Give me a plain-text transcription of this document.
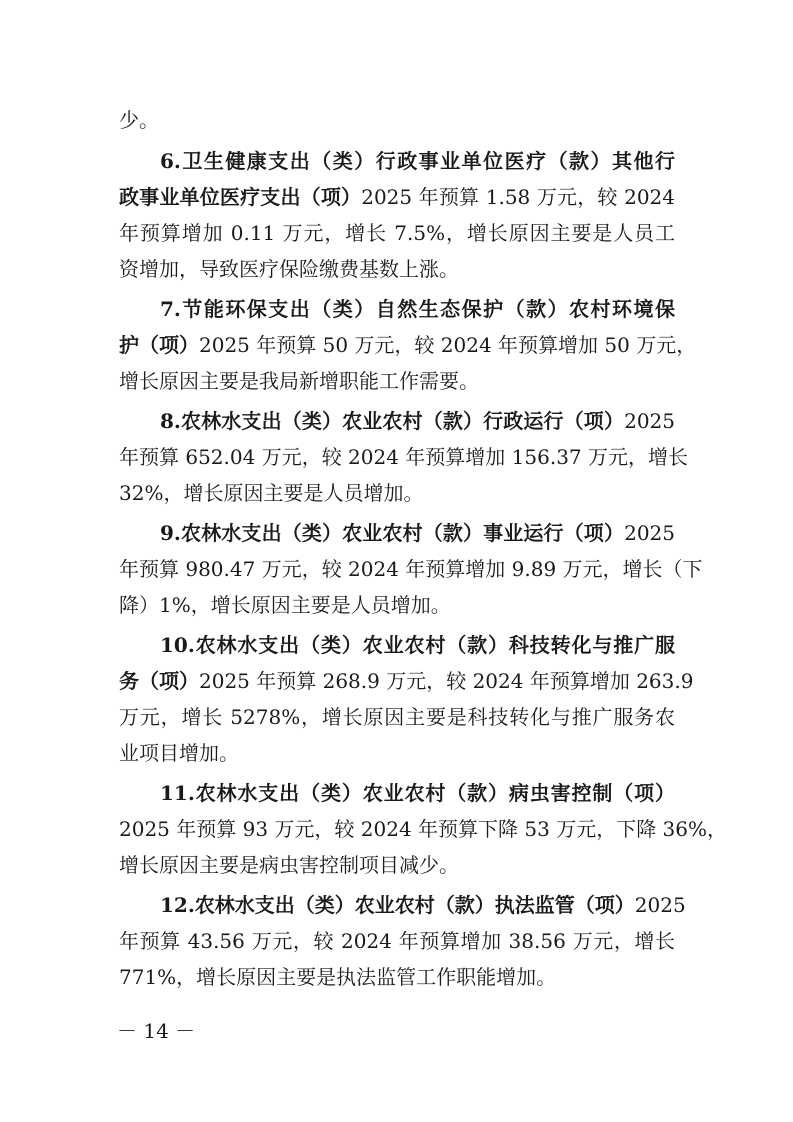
少。
6.卫生健康支出（类）行政事业单位医疗（款）其他行
政事业单位医疗支出（项）2025 年预算 1.58 万元，较 2024
年预算增加 0.11 万元，增长 7.5%，增长原因主要是人员工
资增加，导致医疗保险缴费基数上涨。
7.节能环保支出（类）自然生态保护（款）农村环境保
护（项）2025 年预算 50 万元，较 2024 年预算增加 50 万元，
增长原因主要是我局新增职能工作需要。
8.农林水支出（类）农业农村（款）行政运行（项）2025
年预算 652.04 万元，较 2024 年预算增加 156.37 万元，增长
32%，增长原因主要是人员增加。
9.农林水支出（类）农业农村（款）事业运行（项）2025
年预算 980.47 万元，较 2024 年预算增加 9.89 万元，增长（下
降）1%，增长原因主要是人员增加。
10.农林水支出（类）农业农村（款）科技转化与推广服
务（项）2025 年预算 268.9 万元，较 2024 年预算增加 263.9
万元，增长 5278%，增长原因主要是科技转化与推广服务农
业项目增加。
11.农林水支出（类）农业农村（款）病虫害控制（项）
2025 年预算 93 万元，较 2024 年预算下降 53 万元，下降 36%，
增长原因主要是病虫害控制项目减少。
12.农林水支出（类）农业农村（款）执法监管（项）2025
年预算 43.56 万元，较 2024 年预算增加 38.56 万元，增长
771%，增长原因主要是执法监管工作职能增加。
－ 14 －
